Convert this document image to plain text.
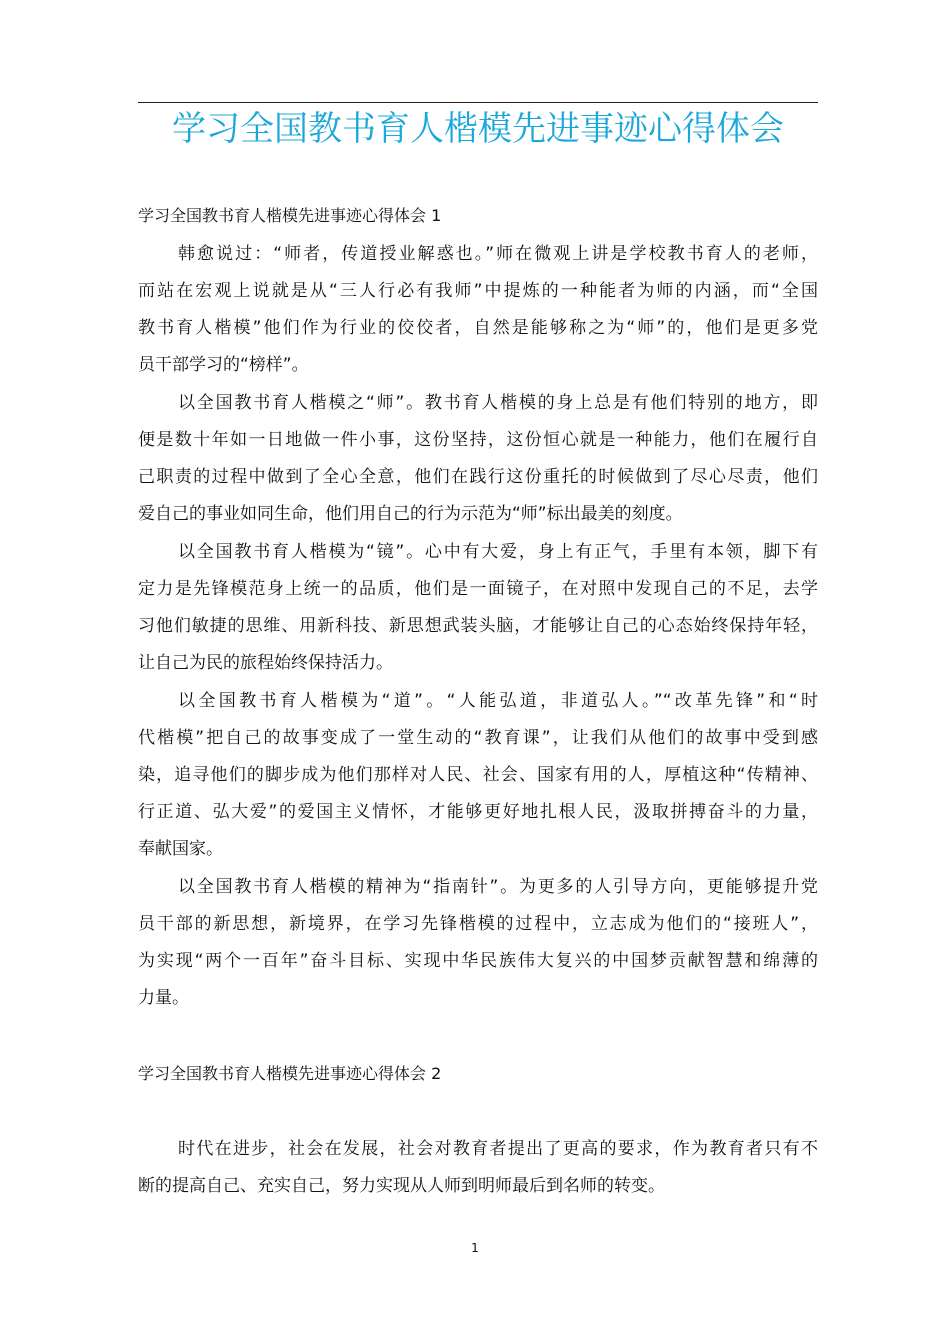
学习全国教书育人楷模先进事迹心得体会
学习全国教书育人楷模先进事迹心得体会 1
韩愈说过：“师者，传道授业解惑也。”师在微观上讲是学校教书育人的老师，
而站在宏观上说就是从“三人行必有我师”中提炼的一种能者为师的内涵，而“全国
教书育人楷模”他们作为行业的佼佼者，自然是能够称之为“师”的，他们是更多党
员干部学习的“榜样”。
以全国教书育人楷模之“师”。教书育人楷模的身上总是有他们特别的地方，即
便是数十年如一日地做一件小事，这份坚持，这份恒心就是一种能力，他们在履行自
己职责的过程中做到了全心全意，他们在践行这份重托的时候做到了尽心尽责，他们
爱自己的事业如同生命，他们用自己的行为示范为“师”标出最美的刻度。
以全国教书育人楷模为“镜”。心中有大爱，身上有正气，手里有本领，脚下有
定力是先锋模范身上统一的品质，他们是一面镜子，在对照中发现自己的不足，去学
习他们敏捷的思维、用新科技、新思想武装头脑，才能够让自己的心态始终保持年轻，
让自己为民的旅程始终保持活力。
以全国教书育人楷模为“道”。“人能弘道，非道弘人。”“改革先锋”和“时
代楷模”把自己的故事变成了一堂生动的“教育课”，让我们从他们的故事中受到感
染，追寻他们的脚步成为他们那样对人民、社会、国家有用的人，厚植这种“传精神、
行正道、弘大爱”的爱国主义情怀，才能够更好地扎根人民，汲取拼搏奋斗的力量，
奉献国家。
以全国教书育人楷模的精神为“指南针”。为更多的人引导方向，更能够提升党
员干部的新思想，新境界，在学习先锋楷模的过程中，立志成为他们的“接班人”，
为实现“两个一百年”奋斗目标、实现中华民族伟大复兴的中国梦贡献智慧和绵薄的
力量。
学习全国教书育人楷模先进事迹心得体会 2
时代在进步，社会在发展，社会对教育者提出了更高的要求，作为教育者只有不
断的提高自己、充实自己，努力实现从人师到明师最后到名师的转变。
1
